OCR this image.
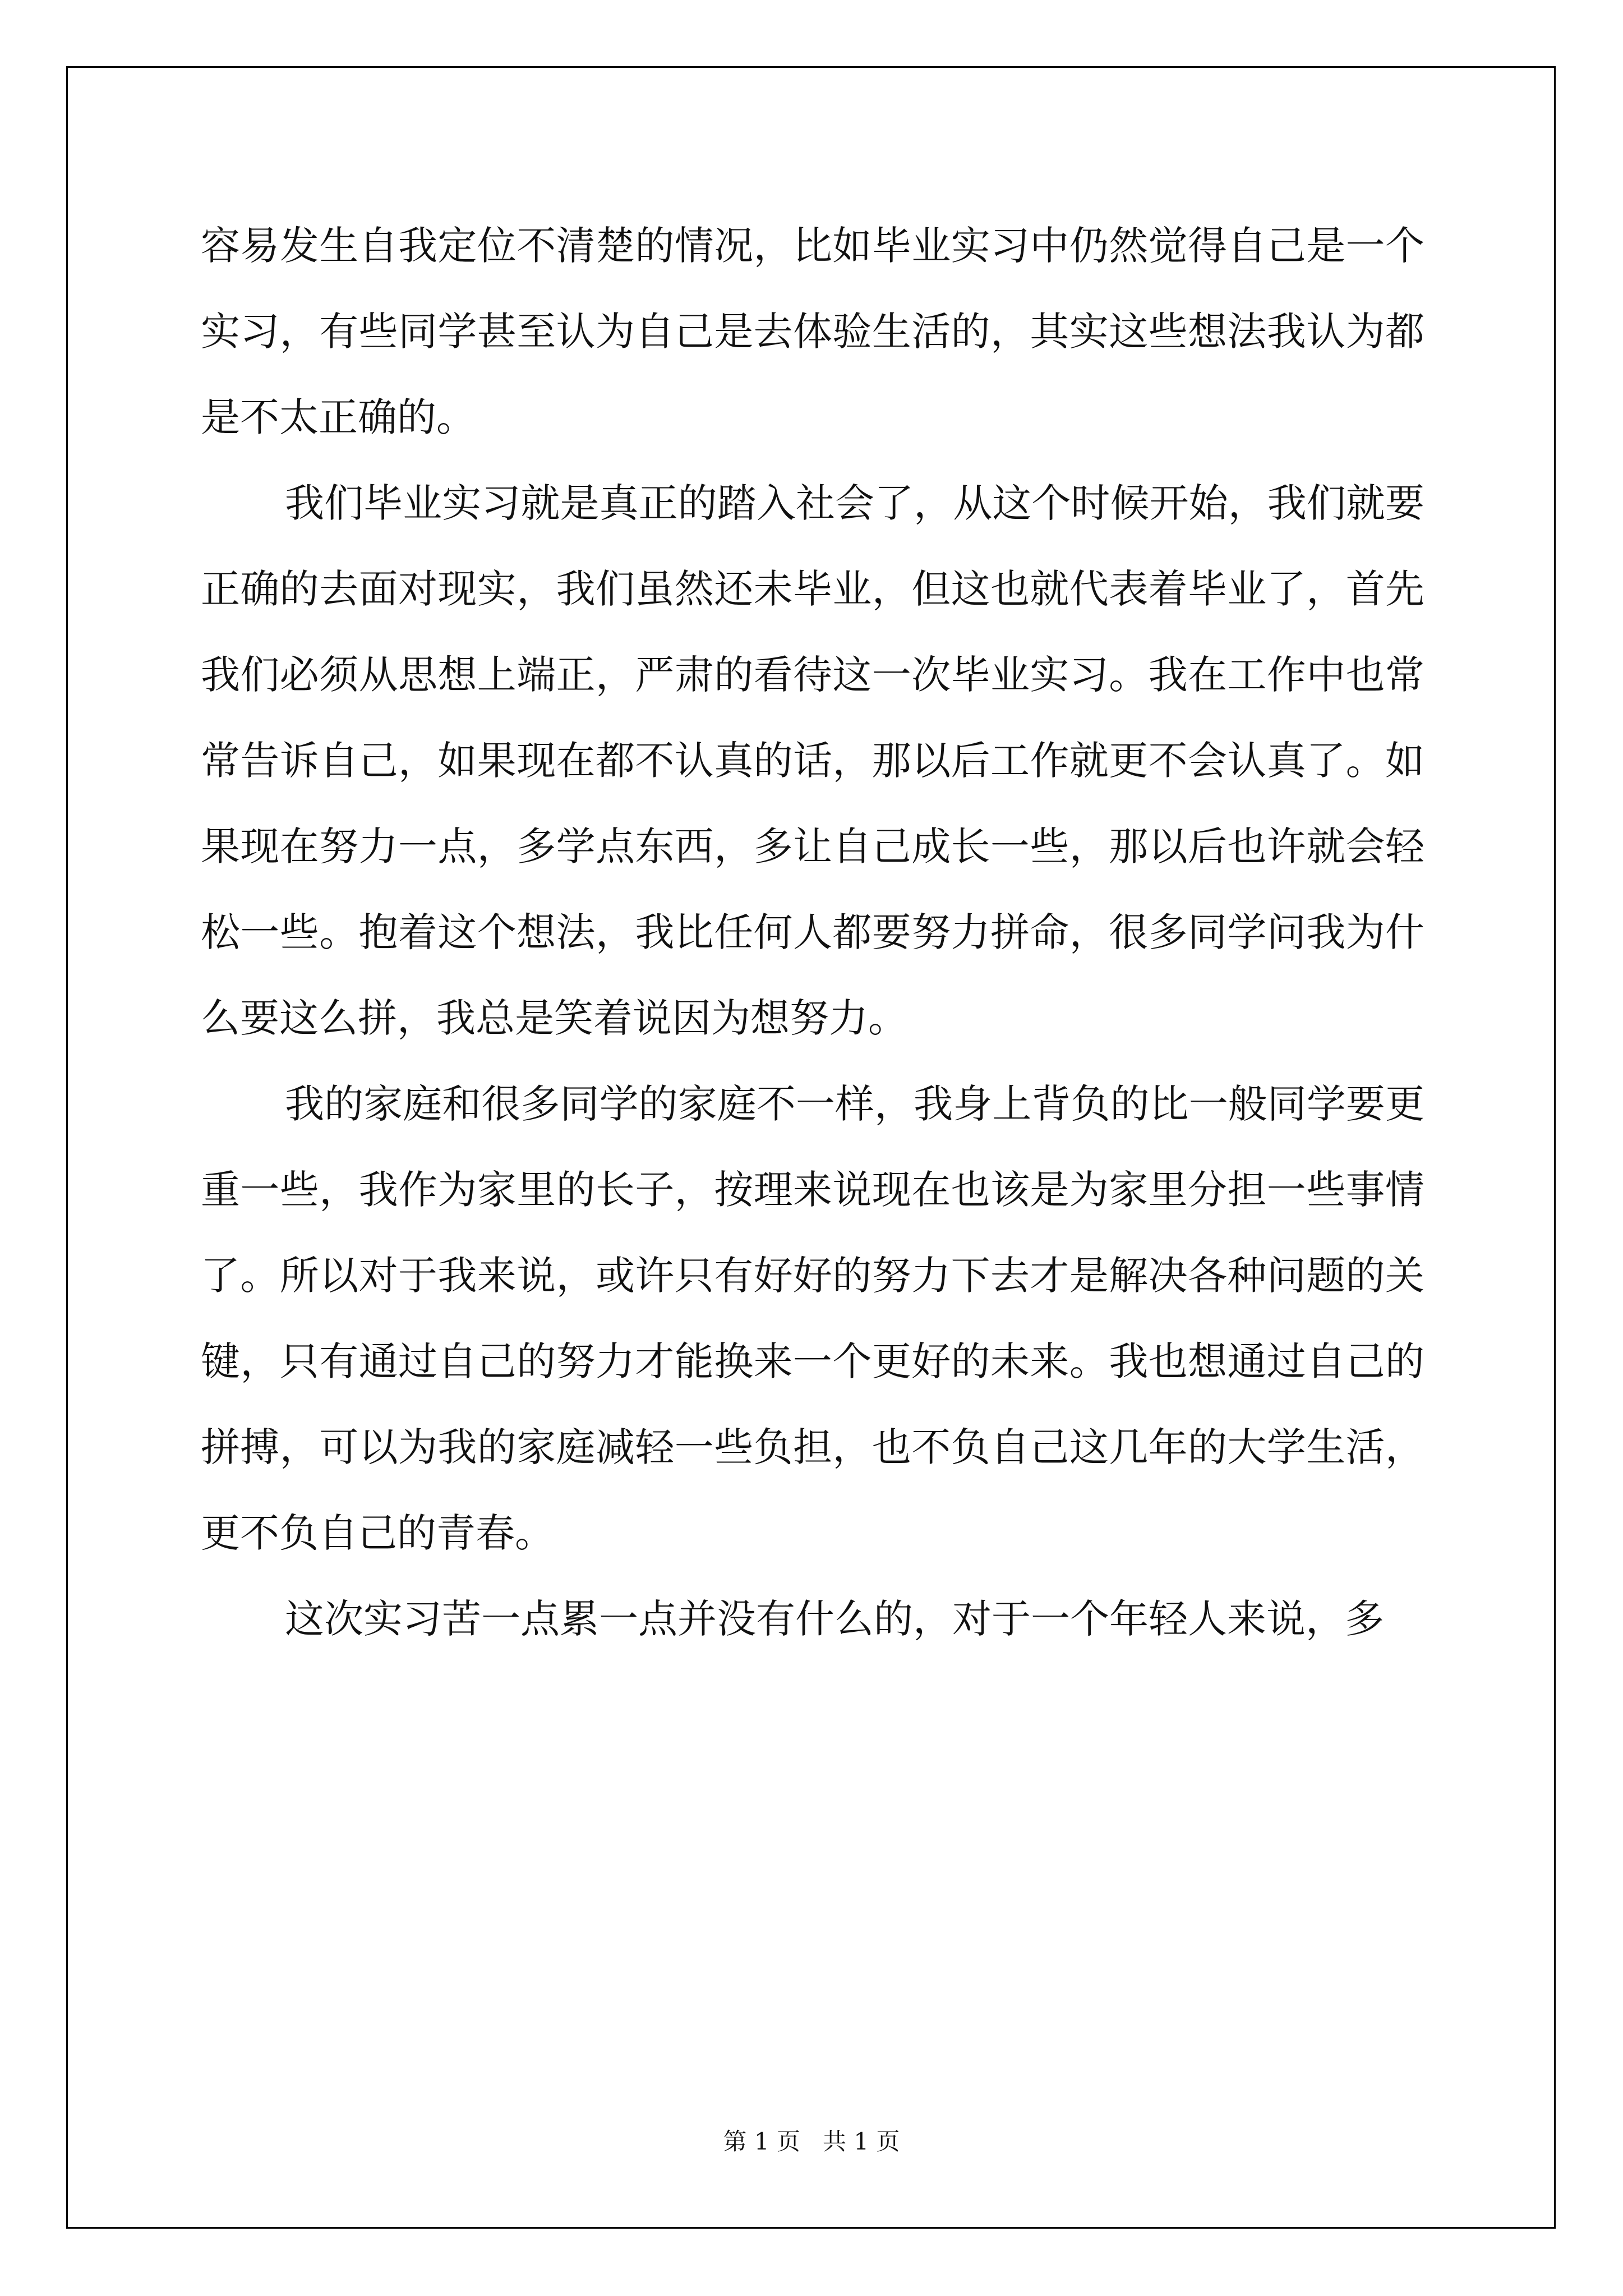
容易发生自我定位不清楚的情况，比如毕业实习中仍然觉得自己是一个实习，有些同学甚至认为自己是去体验生活的，其实这些想法我认为都是不太正确的。

我们毕业实习就是真正的踏入社会了，从这个时候开始，我们就要正确的去面对现实，我们虽然还未毕业，但这也就代表着毕业了，首先我们必须从思想上端正，严肃的看待这一次毕业实习。我在工作中也常常告诉自己，如果现在都不认真的话，那以后工作就更不会认真了。如果现在努力一点，多学点东西，多让自己成长一些，那以后也许就会轻松一些。抱着这个想法，我比任何人都要努力拼命，很多同学问我为什么要这么拼，我总是笑着说因为想努力。

我的家庭和很多同学的家庭不一样，我身上背负的比一般同学要更重一些，我作为家里的长子，按理来说现在也该是为家里分担一些事情了。所以对于我来说，或许只有好好的努力下去才是解决各种问题的关键，只有通过自己的努力才能换来一个更好的未来。我也想通过自己的拼搏，可以为我的家庭减轻一些负担，也不负自己这几年的大学生活，更不负自己的青春。

这次实习苦一点累一点并没有什么的，对于一个年轻人来说，多

第 1 页   共 1 页
